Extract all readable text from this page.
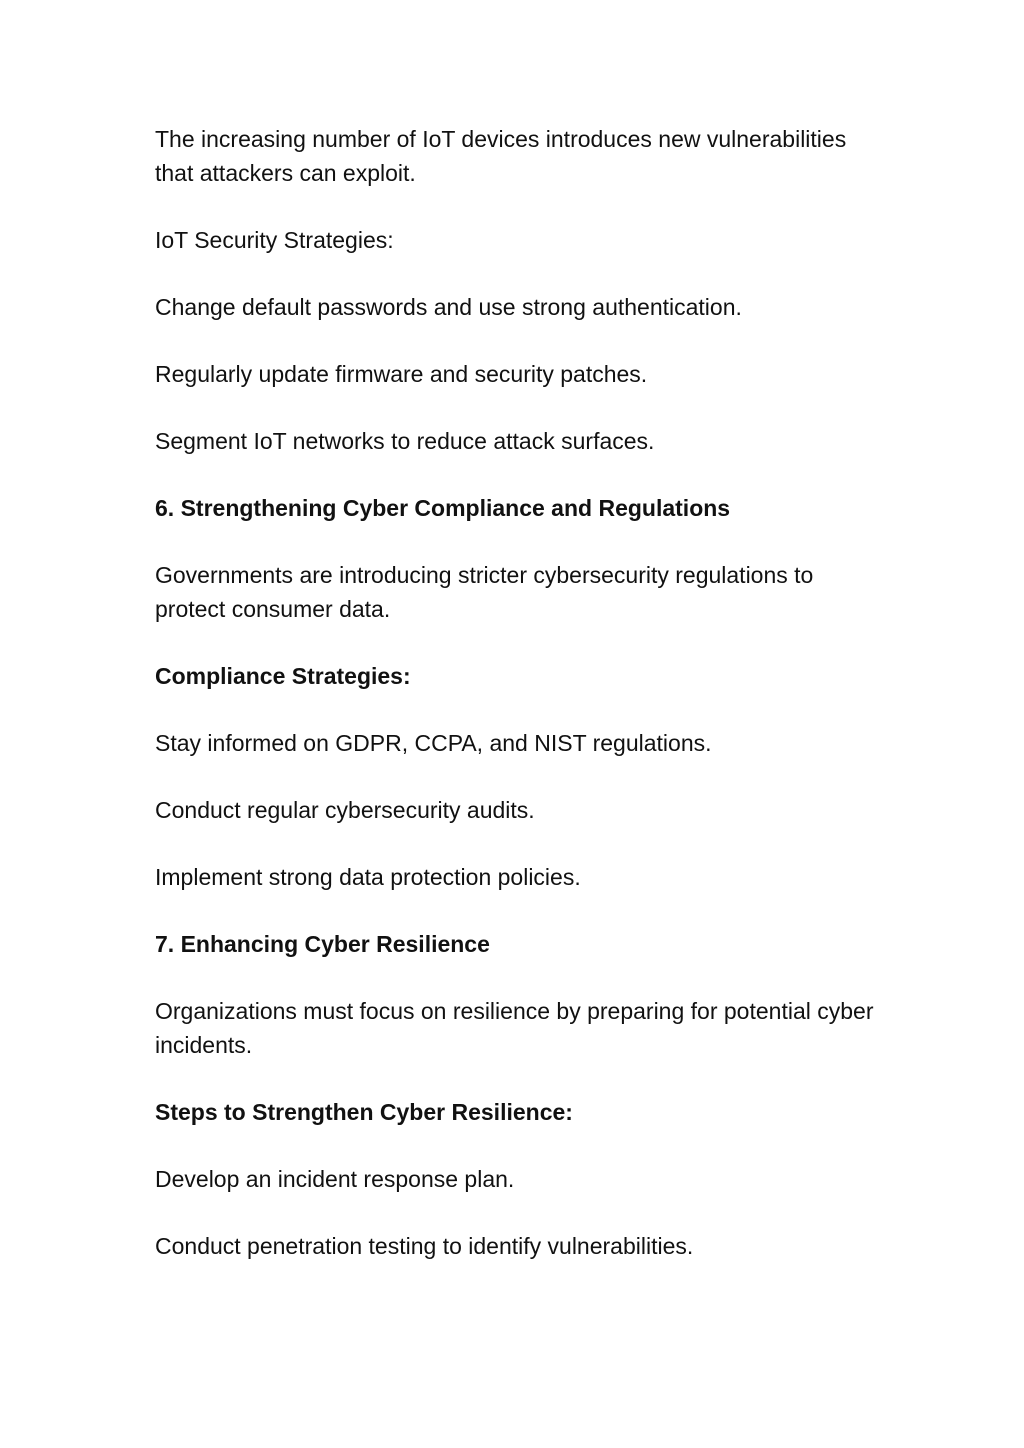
The increasing number of IoT devices introduces new vulnerabilities that attackers can exploit.

IoT Security Strategies:

Change default passwords and use strong authentication.

Regularly update firmware and security patches.

Segment IoT networks to reduce attack surfaces.

6. Strengthening Cyber Compliance and Regulations

Governments are introducing stricter cybersecurity regulations to protect consumer data.

Compliance Strategies:

Stay informed on GDPR, CCPA, and NIST regulations.

Conduct regular cybersecurity audits.

Implement strong data protection policies.

7. Enhancing Cyber Resilience

Organizations must focus on resilience by preparing for potential cyber incidents.

Steps to Strengthen Cyber Resilience:

Develop an incident response plan.

Conduct penetration testing to identify vulnerabilities.
